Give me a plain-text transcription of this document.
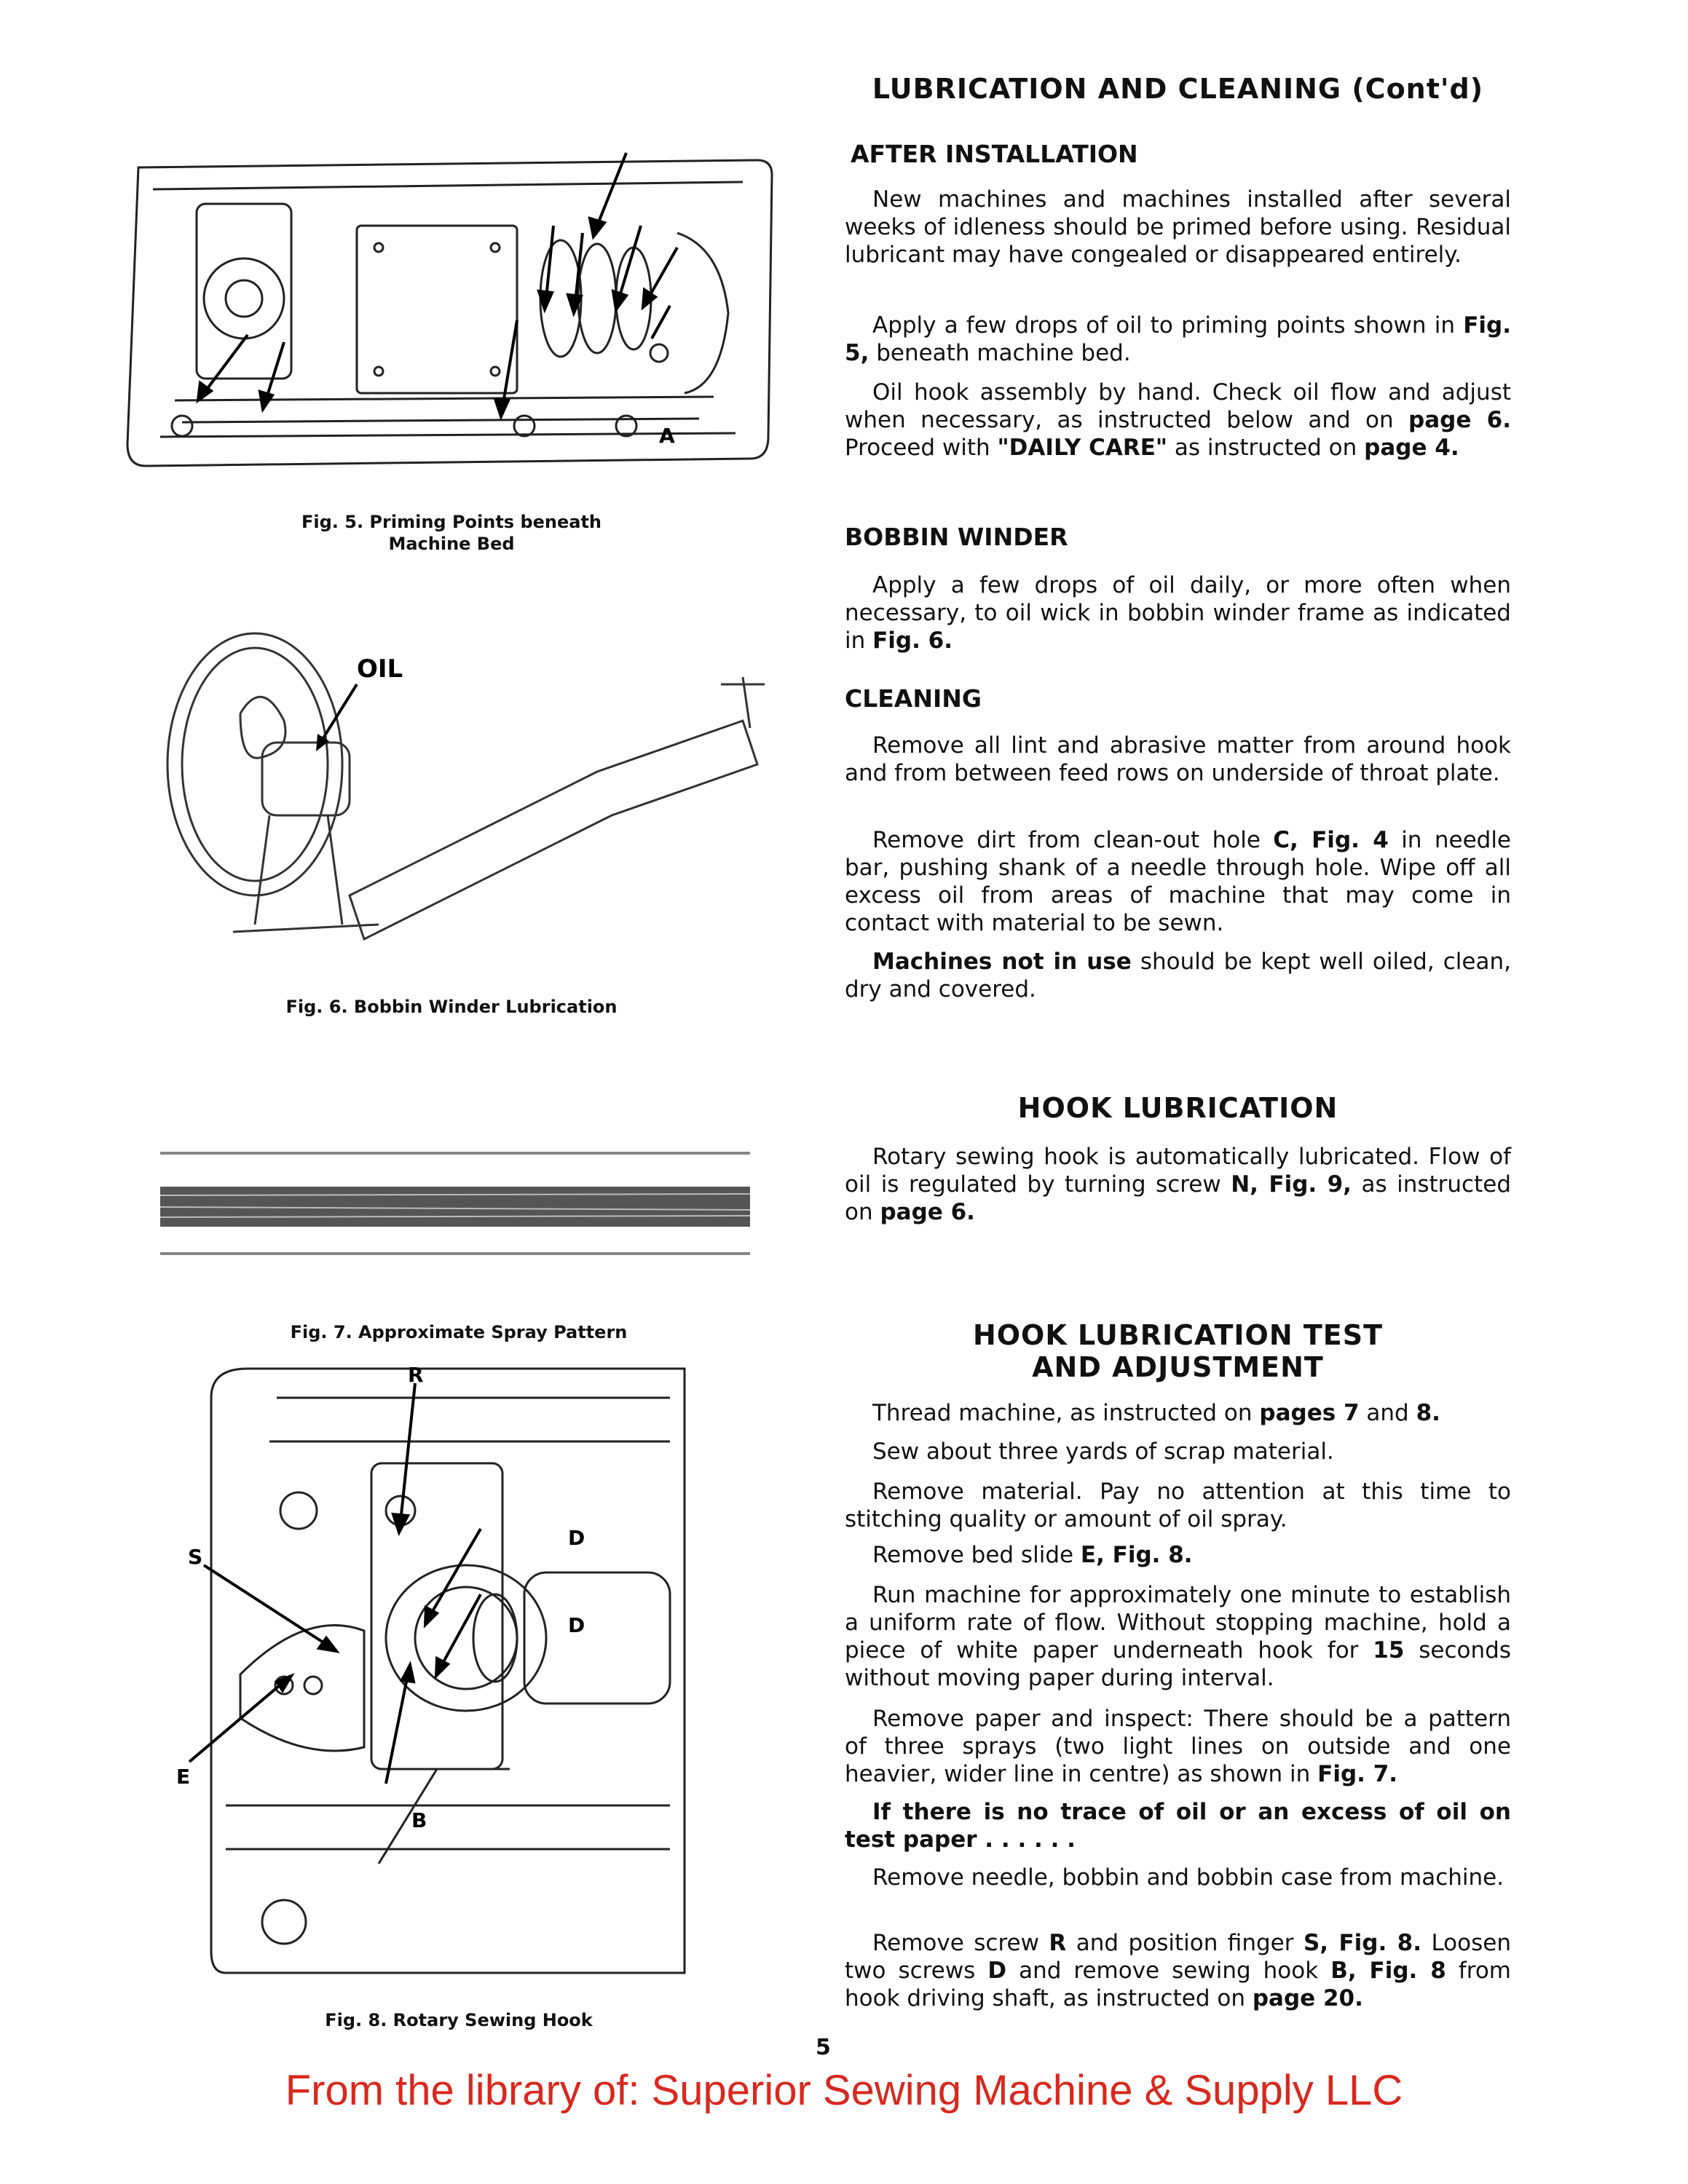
A
Fig. 5. Priming Points beneath
Machine Bed
OIL
Fig. 6. Bobbin Winder Lubrication
Fig. 7. Approximate Spray Pattern
R
S
D
D
E
B
Fig. 8. Rotary Sewing Hook
LUBRICATION AND CLEANING (Cont'd)
AFTER INSTALLATION

New machines and machines installed after several weeks of idleness should be primed before using. Residual lubricant may have congealed or disappeared entirely.

Apply a few drops of oil to priming points shown in Fig. 5, beneath machine bed.

Oil hook assembly by hand. Check oil flow and adjust when necessary, as instructed below and on page 6. Proceed with "DAILY CARE" as instructed on page 4.

BOBBIN WINDER

Apply a few drops of oil daily, or more often when necessary, to oil wick in bobbin winder frame as indicated in Fig. 6.

CLEANING

Remove all lint and abrasive matter from around hook and from between feed rows on underside of throat plate.

Remove dirt from clean-out hole C, Fig. 4 in needle bar, pushing shank of a needle through hole. Wipe off all excess oil from areas of machine that may come in contact with material to be sewn.

Machines not in use should be kept well oiled, clean, dry and covered.

HOOK LUBRICATION

Rotary sewing hook is automatically lubricated. Flow of oil is regulated by turning screw N, Fig. 9, as instructed on page 6.

HOOK LUBRICATION TEST
AND ADJUSTMENT

Thread machine, as instructed on pages 7 and 8.

Sew about three yards of scrap material.

Remove material. Pay no attention at this time to stitching quality or amount of oil spray.

Remove bed slide E, Fig. 8.

Run machine for approximately one minute to establish a uniform rate of flow. Without stopping machine, hold a piece of white paper underneath hook for 15 seconds without moving paper during interval.

Remove paper and inspect: There should be a pattern of three sprays (two light lines on outside and one heavier, wider line in centre) as shown in Fig. 7.

If there is no trace of oil or an excess of oil on test paper . . . . . .

Remove needle, bobbin and bobbin case from machine.

Remove screw R and position finger S, Fig. 8. Loosen two screws D and remove sewing hook B, Fig. 8 from hook driving shaft, as instructed on page 20.

5
From the library of: Superior Sewing Machine & Supply LLC
